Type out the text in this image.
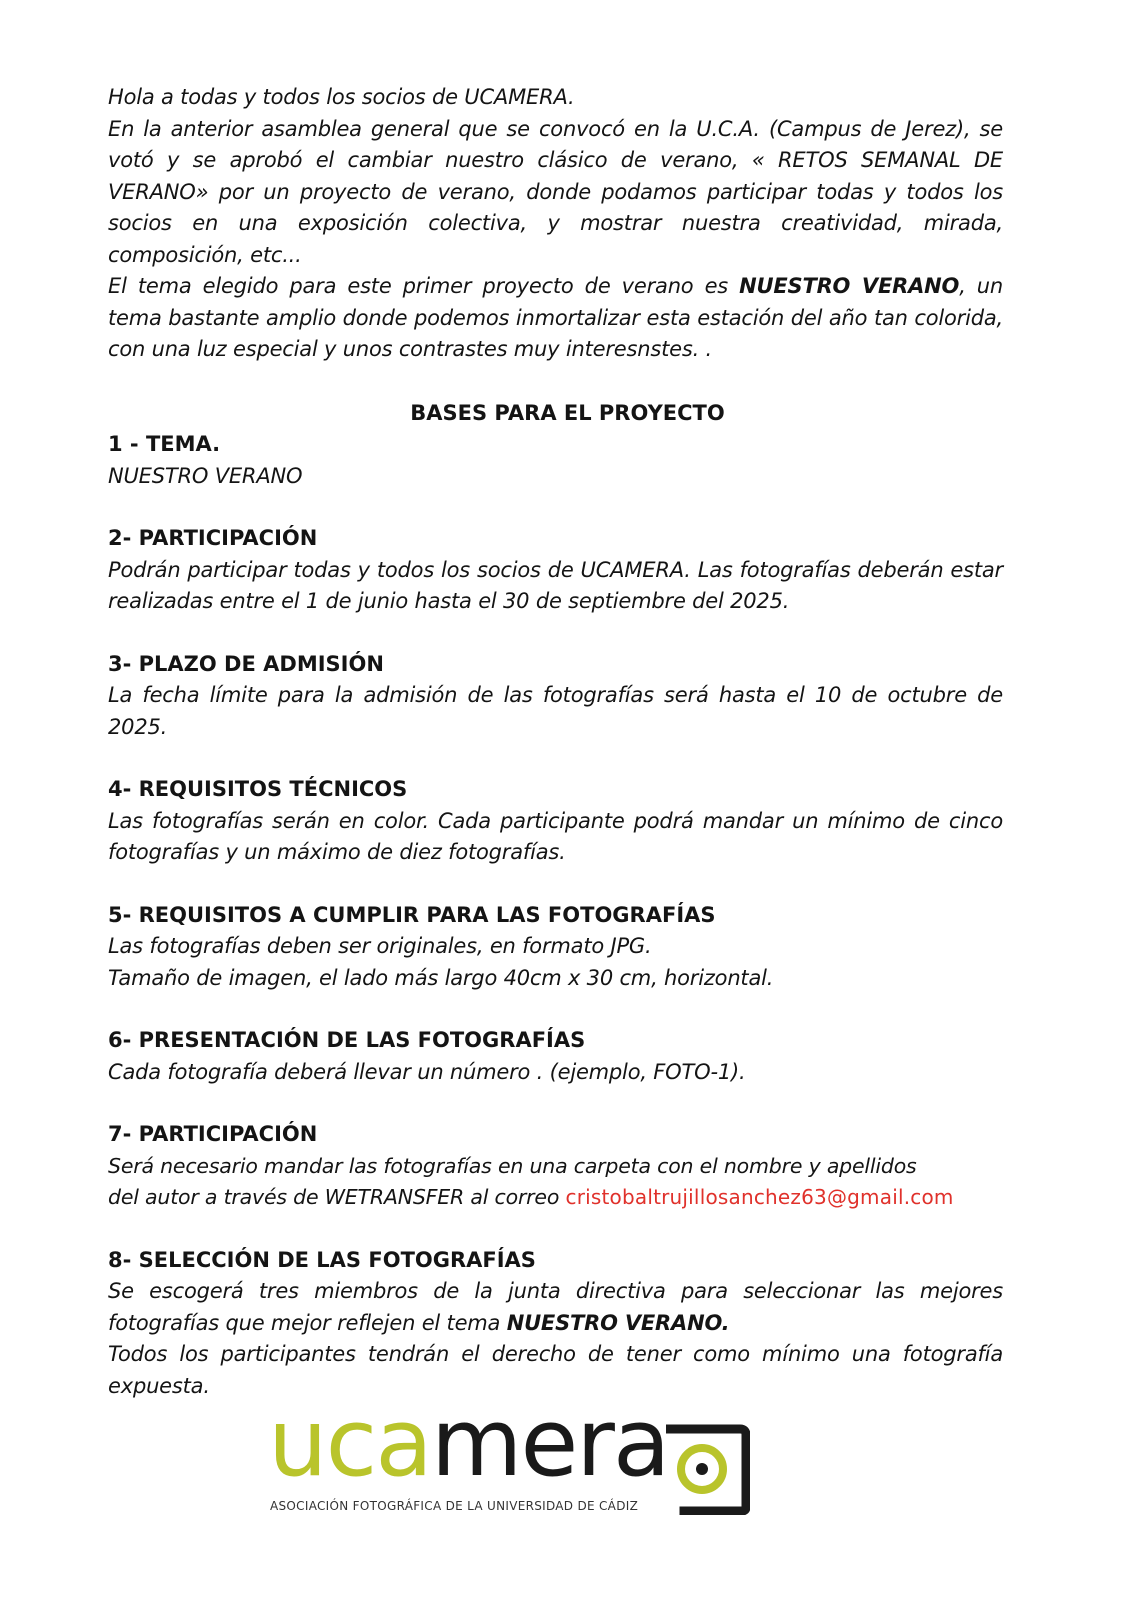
Hola a todas y todos los socios de UCAMERA.

En la anterior asamblea general que se convocó en la U.C.A. (Campus de Jerez), se votó y se aprobó el cambiar nuestro clásico de verano, « RETOS SEMANAL DE VERANO» por un proyecto de verano, donde podamos participar todas y todos los socios en una exposición colectiva, y mostrar nuestra creatividad, mirada, composición, etc...

El tema elegido para este primer proyecto de verano es NUESTRO VERANO, un tema bastante amplio donde podemos inmortalizar esta estación del año tan colorida, con una luz especial y unos contrastes muy interesnstes. .

BASES PARA EL PROYECTO

1 - TEMA.

NUESTRO VERANO

2- PARTICIPACIÓN

Podrán participar todas y todos los socios de UCAMERA. Las fotografías deberán estar realizadas entre el 1 de junio hasta el 30 de septiembre del 2025.

3- PLAZO DE ADMISIÓN

La fecha límite para la admisión de las fotografías será hasta el 10 de octubre de 2025.

4- REQUISITOS TÉCNICOS

Las fotografías serán en color. Cada participante podrá mandar un mínimo de cinco fotografías y un máximo de diez fotografías.

5- REQUISITOS A CUMPLIR PARA LAS FOTOGRAFÍAS

Las fotografías deben ser originales, en formato JPG.

Tamaño de imagen, el lado más largo 40cm x 30 cm, horizontal.

6- PRESENTACIÓN DE LAS FOTOGRAFÍAS

Cada fotografía deberá llevar un número . (ejemplo, FOTO-1).

7- PARTICIPACIÓN

Será necesario mandar las fotografías en una carpeta con el nombre y apellidos

del autor a través de WETRANSFER al correo cristobaltrujillosanchez63@gmail.com

8- SELECCIÓN DE LAS FOTOGRAFÍAS

Se escogerá tres miembros de la junta directiva para seleccionar las mejores fotografías que mejor reflejen el tema NUESTRO VERANO.

Todos los participantes tendrán el derecho de tener como mínimo una fotografía expuesta.

ucamera
ASOCIACIÓN FOTOGRÁFICA DE LA UNIVERSIDAD DE CÁDIZ
